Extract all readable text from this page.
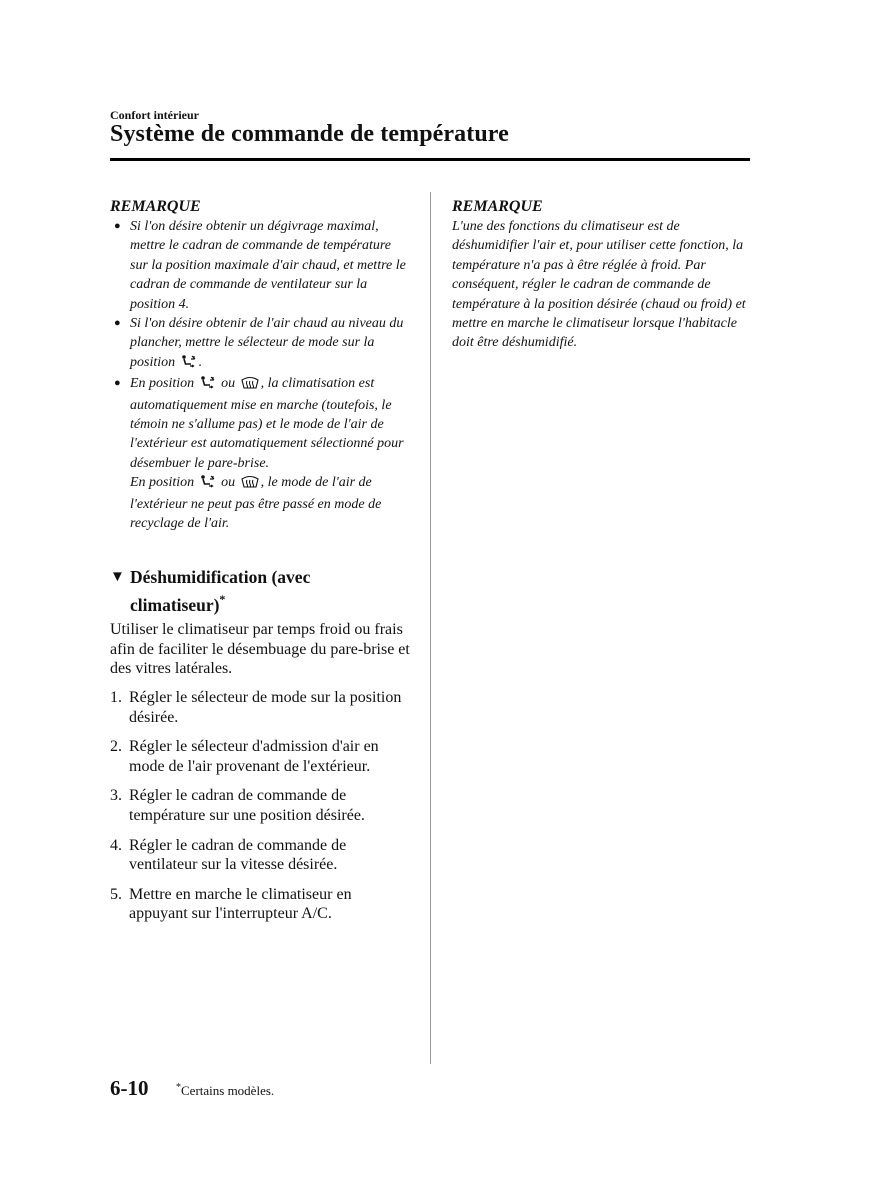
Confort intérieur
Système de commande de température
REMARQUE
● Si l'on désire obtenir un dégivrage maximal, mettre le cadran de commande de température sur la position maximale d'air chaud, et mettre le cadran de commande de ventilateur sur la position 4.
● Si l'on désire obtenir de l'air chaud au niveau du plancher, mettre le sélecteur de mode sur la position .
● En position ou , la climatisation est automatiquement mise en marche (toutefois, le témoin ne s'allume pas) et le mode de l'air de l'extérieur est automatiquement sélectionné pour désembuer le pare-brise.
En position ou , le mode de l'air de l'extérieur ne peut pas être passé en mode de recyclage de l'air.
▼ Déshumidification (avec climatiseur)*
Utiliser le climatiseur par temps froid ou frais afin de faciliter le désembuage du pare-brise et des vitres latérales.
1. Régler le sélecteur de mode sur la position désirée.
2. Régler le sélecteur d'admission d'air en mode de l'air provenant de l'extérieur.
3. Régler le cadran de commande de température sur une position désirée.
4. Régler le cadran de commande de ventilateur sur la vitesse désirée.
5. Mettre en marche le climatiseur en appuyant sur l'interrupteur A/C.
REMARQUE
L'une des fonctions du climatiseur est de déshumidifier l'air et, pour utiliser cette fonction, la température n'a pas à être réglée à froid. Par conséquent, régler le cadran de commande de température à la position désirée (chaud ou froid) et mettre en marche le climatiseur lorsque l'habitacle doit être déshumidifié.
6-10	*Certains modèles.
